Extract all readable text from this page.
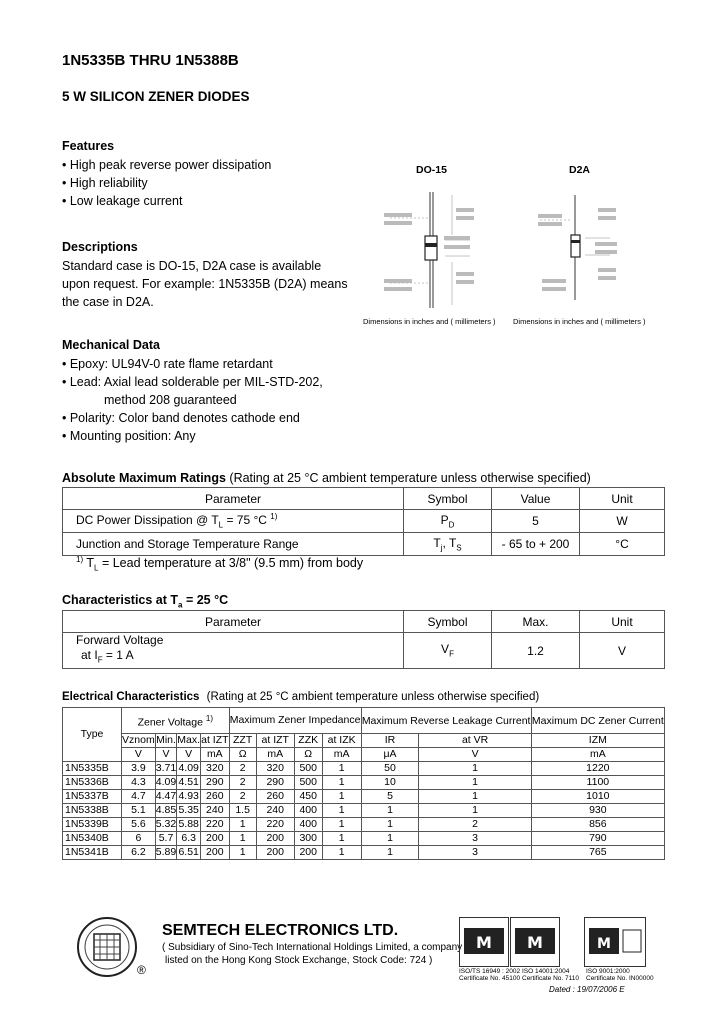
1N5335B THRU 1N5388B
5 W SILICON ZENER DIODES
Features
• High peak reverse power dissipation
• High reliability
• Low leakage current
Descriptions
Standard case is DO-15, D2A case is available
upon request. For example: 1N5335B (D2A) means
the case in D2A.
Mechanical Data
• Epoxy: UL94V-0 rate flame retardant
• Lead: Axial lead solderable per MIL-STD-202,
method 208 guaranteed
• Polarity: Color band denotes cathode end
• Mounting position: Any
DO-15	D2A
Dimensions in inches and ( millimeters ) Dimensions in inches and ( millimeters )
Absolute Maximum Ratings (Rating at 25 °C ambient temperature unless otherwise specified)
Parameter	Symbol	Value	Unit
DC Power Dissipation @ $T_L = 75$ °C $^{1)}$	$P_D$	5	W
Junction and Storage Temperature Range	$T_j$, $T_S$	- 65 to + 200	°C
$^{1)}$ $T_L$ = Lead temperature at 3/8" (9.5 mm) from body
Characteristics at $T_a = 25$ °C
Parameter	Symbol	Max.	Unit

Forward Voltage
at $I_F = 1$ A	$V_F$	1.2	V
Electrical Characteristics (Rating at 25 °C ambient temperature unless otherwise specified)
Type	Zener Voltage $^{1)}$				Maximum Zener Impedance				Maximum Reverse Leakage Current		Maximum DC Zener Current
	Vznom	Min.	Max.	at IZT	ZZT	at IZT	ZZK	at IZK	IR	at VR	IZM
	V	V	V	mA	Ω	mA	Ω	mA	μA	V	mA
1N5335B	3.9	3.71	4.09	320	2	320	500	1	50	1	1220
1N5336B	4.3	4.09	4.51	290	2	290	500	1	10	1	1100
1N5337B	4.7	4.47	4.93	260	2	260	450	1	5	1	1010
1N5338B	5.1	4.85	5.35	240	1.5	240	400	1	1	1	930
1N5339B	5.6	5.32	5.88	220	1	220	400	1	1	2	856
1N5340B	6	5.7	6.3	200	1	200	300	1	1	3	790
1N5341B	6.2	5.89	6.51	200	1	200	200	1	1	3	765
®
SEMTECH ELECTRONICS LTD.
( Subsidiary of Sino-Tech International Holdings Limited, a company
listed on the Hong Kong Stock Exchange, Stock Code: 724 )
M M	M
ISO/TS 16949 : 2002
Certificate No. 45100
ISO 14001:2004
Certificate No. 7110
ISO 9001:2000
Certificate No. IN00000
Dated : 19/07/2006 E
